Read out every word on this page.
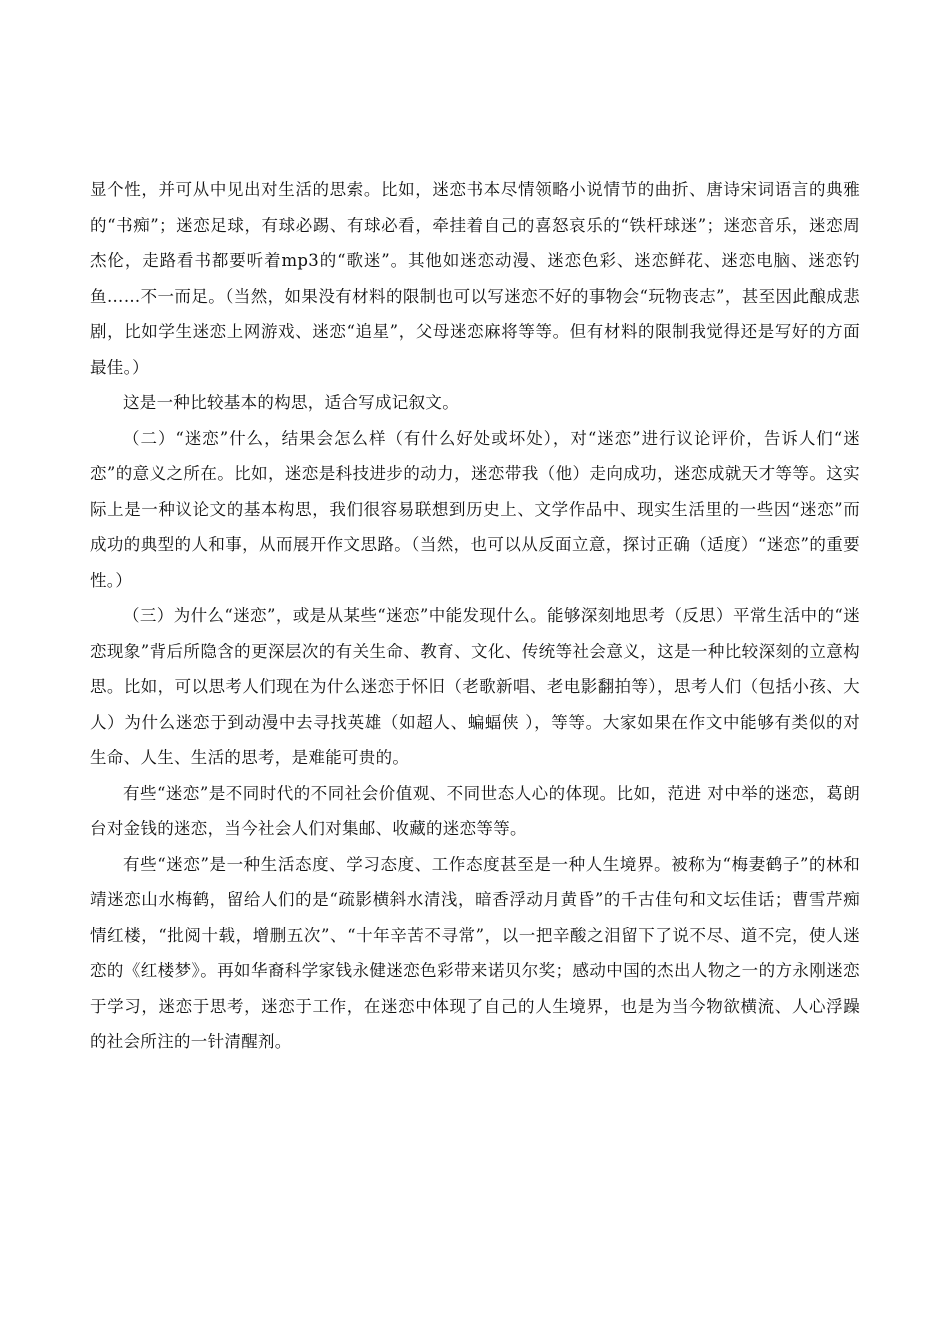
显个性，并可从中见出对生活的思索。比如，迷恋书本尽情领略小说情节的曲折、唐诗宋词语言的典雅的“书痴”；迷恋足球，有球必踢、有球必看，牵挂着自己的喜怒哀乐的“铁杆球迷”；迷恋音乐，迷恋周杰伦，走路看书都要听着mp3的“歌迷”。其他如迷恋动漫、迷恋色彩、迷恋鲜花、迷恋电脑、迷恋钓鱼……不一而足。（当然，如果没有材料的限制也可以写迷恋不好的事物会“玩物丧志”，甚至因此酿成悲剧，比如学生迷恋上网游戏、迷恋“追星”，父母迷恋麻将等等。但有材料的限制我觉得还是写好的方面最佳。）

这是一种比较基本的构思，适合写成记叙文。

（二）“迷恋”什么，结果会怎么样（有什么好处或坏处），对“迷恋”进行议论评价，告诉人们“迷恋”的意义之所在。比如，迷恋是科技进步的动力，迷恋带我（他）走向成功，迷恋成就天才等等。这实际上是一种议论文的基本构思，我们很容易联想到历史上、文学作品中、现实生活里的一些因“迷恋”而成功的典型的人和事，从而展开作文思路。（当然，也可以从反面立意，探讨正确（适度）“迷恋”的重要性。）

（三）为什么“迷恋”，或是从某些“迷恋”中能发现什么。能够深刻地思考（反思）平常生活中的“迷恋现象”背后所隐含的更深层次的有关生命、教育、文化、传统等社会意义，这是一种比较深刻的立意构思。比如，可以思考人们现在为什么迷恋于怀旧（老歌新唱、老电影翻拍等），思考人们（包括小孩、大人）为什么迷恋于到动漫中去寻找英雄（如超人、蝙蝠侠 ），等等。大家如果在作文中能够有类似的对生命、人生、生活的思考，是难能可贵的。

有些“迷恋”是不同时代的不同社会价值观、不同世态人心的体现。比如，范进 对中举的迷恋，葛朗台对金钱的迷恋，当今社会人们对集邮、收藏的迷恋等等。

有些“迷恋”是一种生活态度、学习态度、工作态度甚至是一种人生境界。被称为“梅妻鹤子”的林和靖迷恋山水梅鹤，留给人们的是“疏影横斜水清浅，暗香浮动月黄昏”的千古佳句和文坛佳话；曹雪芹痴情红楼，“批阅十载，增删五次”、“十年辛苦不寻常”，以一把辛酸之泪留下了说不尽、道不完，使人迷恋的《红楼梦》。再如华裔科学家钱永健迷恋色彩带来诺贝尔奖；感动中国的杰出人物之一的方永刚迷恋于学习，迷恋于思考，迷恋于工作，在迷恋中体现了自己的人生境界，也是为当今物欲横流、人心浮躁的社会所注的一针清醒剂。
